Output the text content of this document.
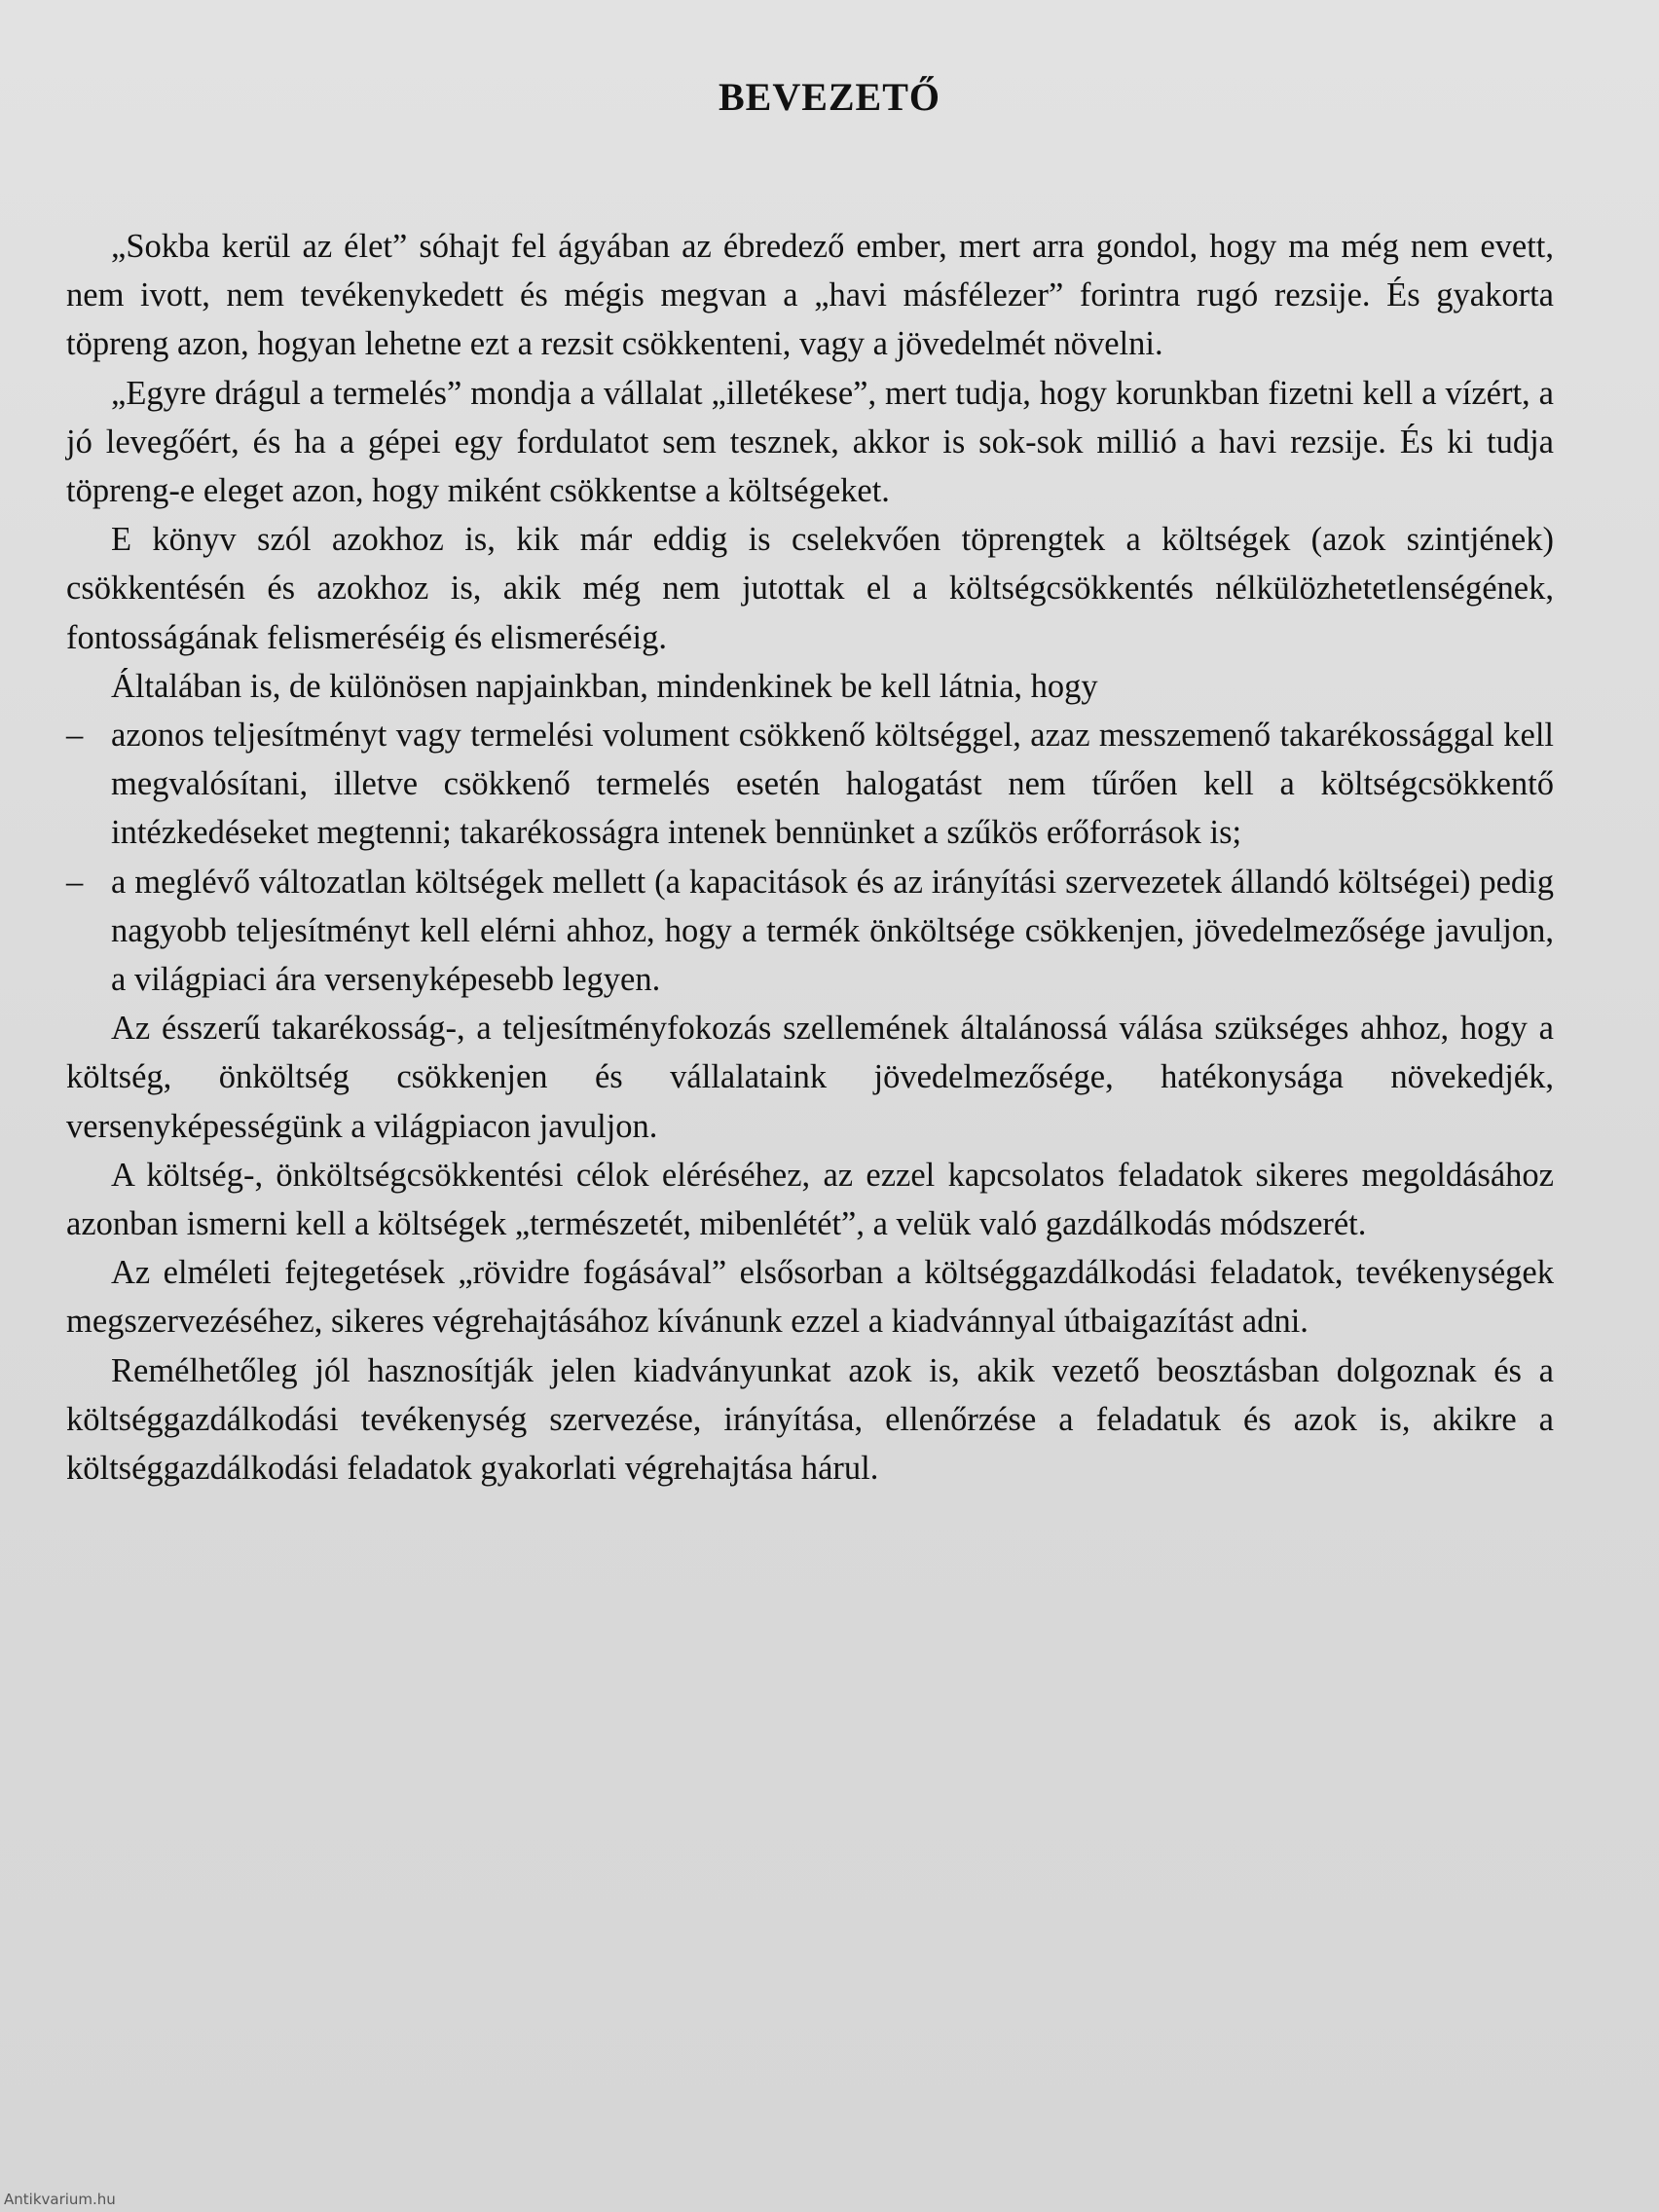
BEVEZETŐ

„Sokba kerül az élet” sóhajt fel ágyában az ébredező ember, mert arra gondol, hogy ma még nem evett, nem ivott, nem tevékenykedett és mégis megvan a „havi másfélezer” forintra rugó rezsije. És gyakorta töpreng azon, hogyan lehetne ezt a rezsit csökkenteni, vagy a jövedelmét növelni.

„Egyre drágul a termelés” mondja a vállalat „illetékese”, mert tudja, hogy korunkban fizetni kell a vízért, a jó levegőért, és ha a gépei egy fordulatot sem tesznek, akkor is sok-sok millió a havi rezsije. És ki tudja töpreng-e eleget azon, hogy miként csökkentse a költségeket.

E könyv szól azokhoz is, kik már eddig is cselekvően töprengtek a költségek (azok szintjének) csökkentésén és azokhoz is, akik még nem jutottak el a költségcsökkentés nélkülözhetetlenségének, fontosságának felismeréséig és elismeréséig.

Általában is, de különösen napjainkban, mindenkinek be kell látnia, hogy

– azonos teljesítményt vagy termelési volument csökkenő költséggel, azaz messzemenő takarékossággal kell megvalósítani, illetve csökkenő termelés esetén halogatást nem tűrően kell a költségcsökkentő intézkedéseket megtenni; takarékosságra intenek bennünket a szűkös erőforrások is;
– a meglévő változatlan költségek mellett (a kapacitások és az irányítási szervezetek állandó költségei) pedig nagyobb teljesítményt kell elérni ahhoz, hogy a termék önköltsége csökkenjen, jövedelmezősége javuljon, a világpiaci ára versenyképesebb legyen.

Az ésszerű takarékosság-, a teljesítményfokozás szellemének általánossá válása szükséges ahhoz, hogy a költség, önköltség csökkenjen és vállalataink jövedelmezősége, hatékonysága növekedjék, versenyképességünk a világpiacon javuljon.

A költség-, önköltségcsökkentési célok eléréséhez, az ezzel kapcsolatos feladatok sikeres megoldásához azonban ismerni kell a költségek „természetét, mibenlétét”, a velük való gazdálkodás módszerét.

Az elméleti fejtegetések „rövidre fogásával” elsősorban a költséggazdálkodási feladatok, tevékenységek megszervezéséhez, sikeres végrehajtásához kívánunk ezzel a kiadvánnyal útbaigazítást adni.

Remélhetőleg jól hasznosítják jelen kiadványunkat azok is, akik vezető beosztásban dolgoznak és a költséggazdálkodási tevékenység szervezése, irányítása, ellenőrzése a feladatuk és azok is, akikre a költséggazdálkodási feladatok gyakorlati végrehajtása hárul.

Antikvarium.hu
